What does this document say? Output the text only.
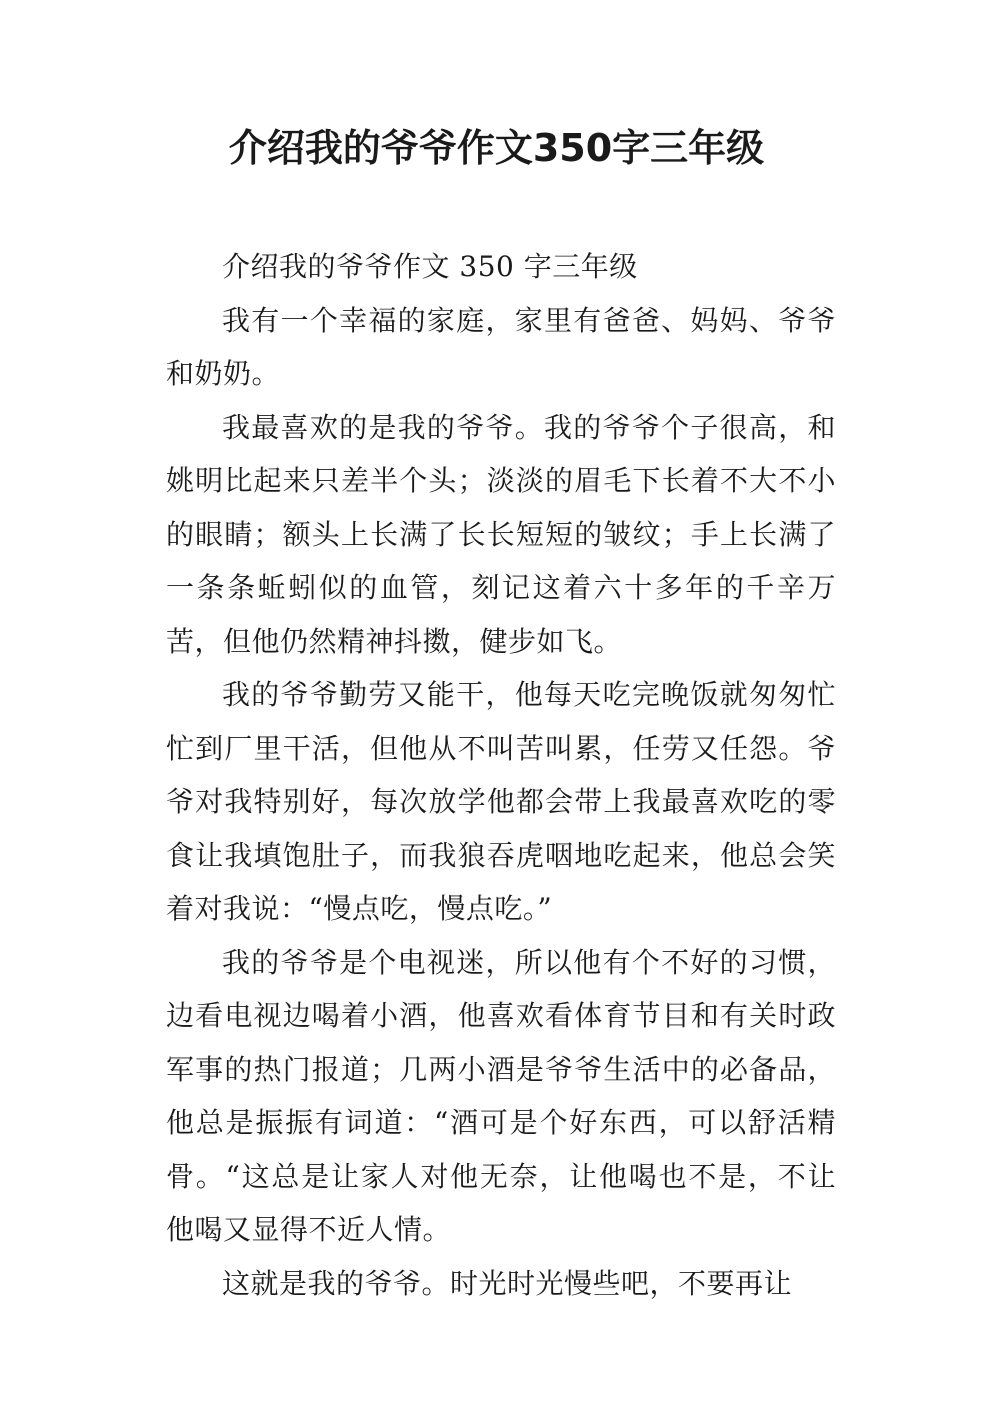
介绍我的爷爷作文350字三年级

介绍我的爷爷作文 350 字三年级

我有一个幸福的家庭，家里有爸爸、妈妈、爷爷和奶奶。

我最喜欢的是我的爷爷。我的爷爷个子很高，和姚明比起来只差半个头；淡淡的眉毛下长着不大不小的眼睛；额头上长满了长长短短的皱纹；手上长满了一条条蚯蚓似的血管，刻记这着六十多年的千辛万苦，但他仍然精神抖擞，健步如飞。

我的爷爷勤劳又能干，他每天吃完晚饭就匆匆忙忙到厂里干活，但他从不叫苦叫累，任劳又任怨。爷爷对我特别好，每次放学他都会带上我最喜欢吃的零食让我填饱肚子，而我狼吞虎咽地吃起来，他总会笑着对我说：“慢点吃，慢点吃。”

我的爷爷是个电视迷，所以他有个不好的习惯，边看电视边喝着小酒，他喜欢看体育节目和有关时政军事的热门报道；几两小酒是爷爷生活中的必备品，他总是振振有词道：“酒可是个好东西，可以舒活精骨。“这总是让家人对他无奈，让他喝也不是，不让他喝又显得不近人情。

这就是我的爷爷。时光时光慢些吧，不要再让
